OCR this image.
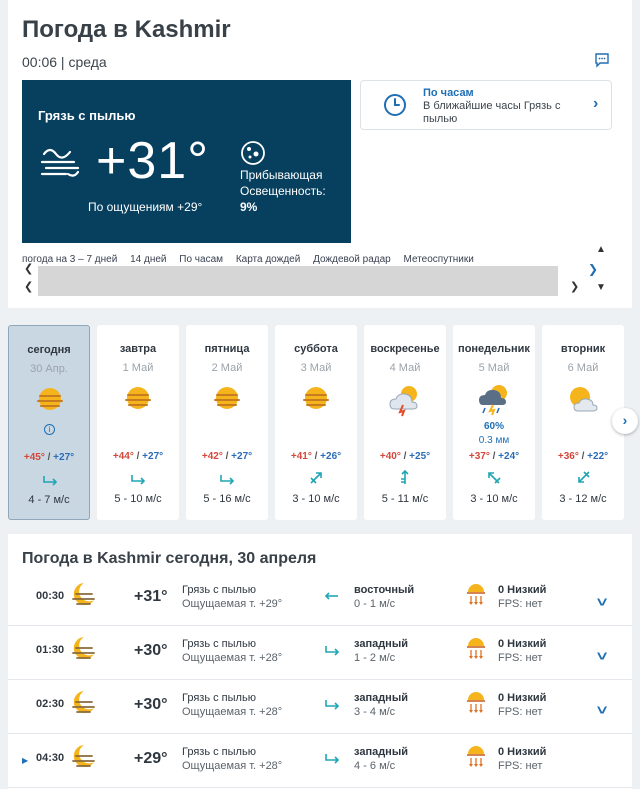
Погода в Kashmir
00:06 | среда
Грязь с пылью
+31°
По ощущениям +29°
Прибывающая
Освещенность:
9%
По часам
В ближайшие часы Грязь с пылью
›
погода на 3 – 7 дней 14 дней По часам Карта дождей Дождевой радар Метеоспутники
❮
❮
▲
❯
▼
❯
сегодня
30 Апр.
i
+45° / +27°
4 - 7 м/с
завтра
1 Май
+44° / +27°
5 - 10 м/с
пятница
2 Май
+42° / +27°
5 - 16 м/с
суббота
3 Май
+41° / +26°
3 - 10 м/с
воскресенье
4 Май
+40° / +25°
5 - 11 м/с
понедельник
5 Май
60%
0.3 мм
+37° / +24°
3 - 10 м/с
вторник
6 Май
+36° / +22°
3 - 12 м/с
›
Погода в Kashmir сегодня, 30 апреля
00:30	+31° Грязь с пылью
Ощущаемая т. +29°
восточный
0 - 1 м/с
0 Низкий
FPS: нет	˅
01:30	+30° Грязь с пылью
Ощущаемая т. +28°
западный
1 - 2 м/с
0 Низкий
FPS: нет	˅
02:30	+30° Грязь с пылью
Ощущаемая т. +28°
западный
3 - 4 м/с
0 Низкий
FPS: нет	˅
▶ 04:30	+29° Грязь с пылью
Ощущаемая т. +28°
западный
4 - 6 м/с
0 Низкий
FPS: нет
